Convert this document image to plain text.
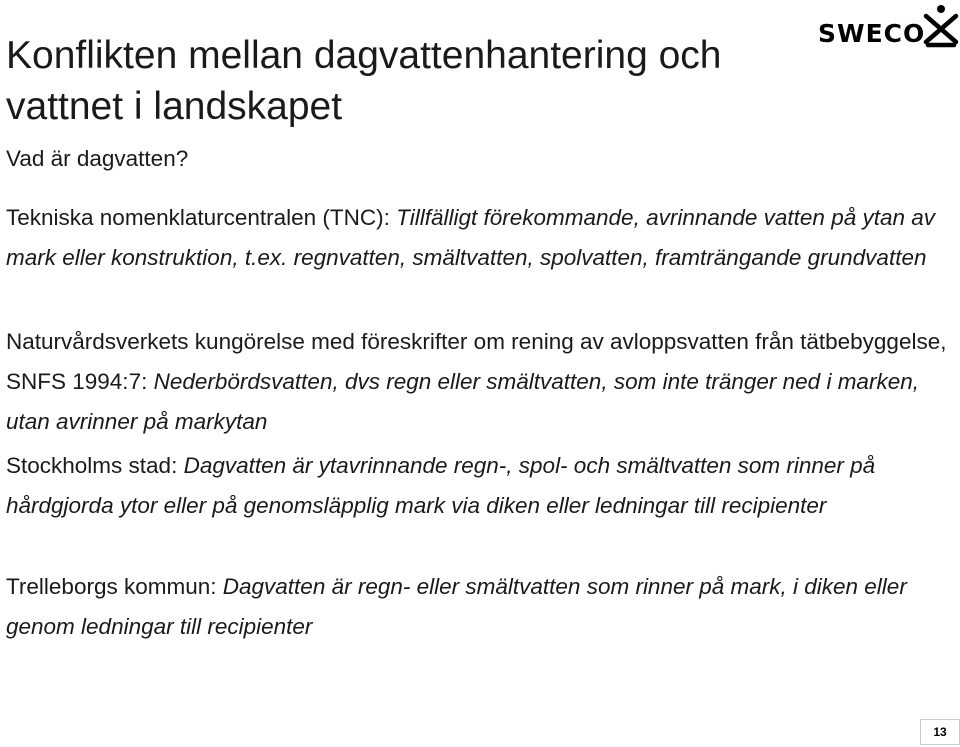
Konflikten mellan dagvattenhantering och vattnet i landskapet
SWECO

Vad är dagvatten?

Tekniska nomenklaturcentralen (TNC): Tillfälligt förekommande, avrinnande vatten på ytan av mark eller konstruktion, t.ex. regnvatten, smältvatten, spolvatten, framträngande grundvatten

Naturvårdsverkets kungörelse med föreskrifter om rening av avloppsvatten från tätbebyggelse, SNFS 1994:7: Nederbördsvatten, dvs regn eller smältvatten, som inte tränger ned i marken, utan avrinner på markytan

Stockholms stad: Dagvatten är ytavrinnande regn-, spol- och smältvatten som rinner på hårdgjorda ytor eller på genomsläpplig mark via diken eller ledningar till recipienter

Trelleborgs kommun: Dagvatten är regn- eller smältvatten som rinner på mark, i diken eller genom ledningar till recipienter

13
